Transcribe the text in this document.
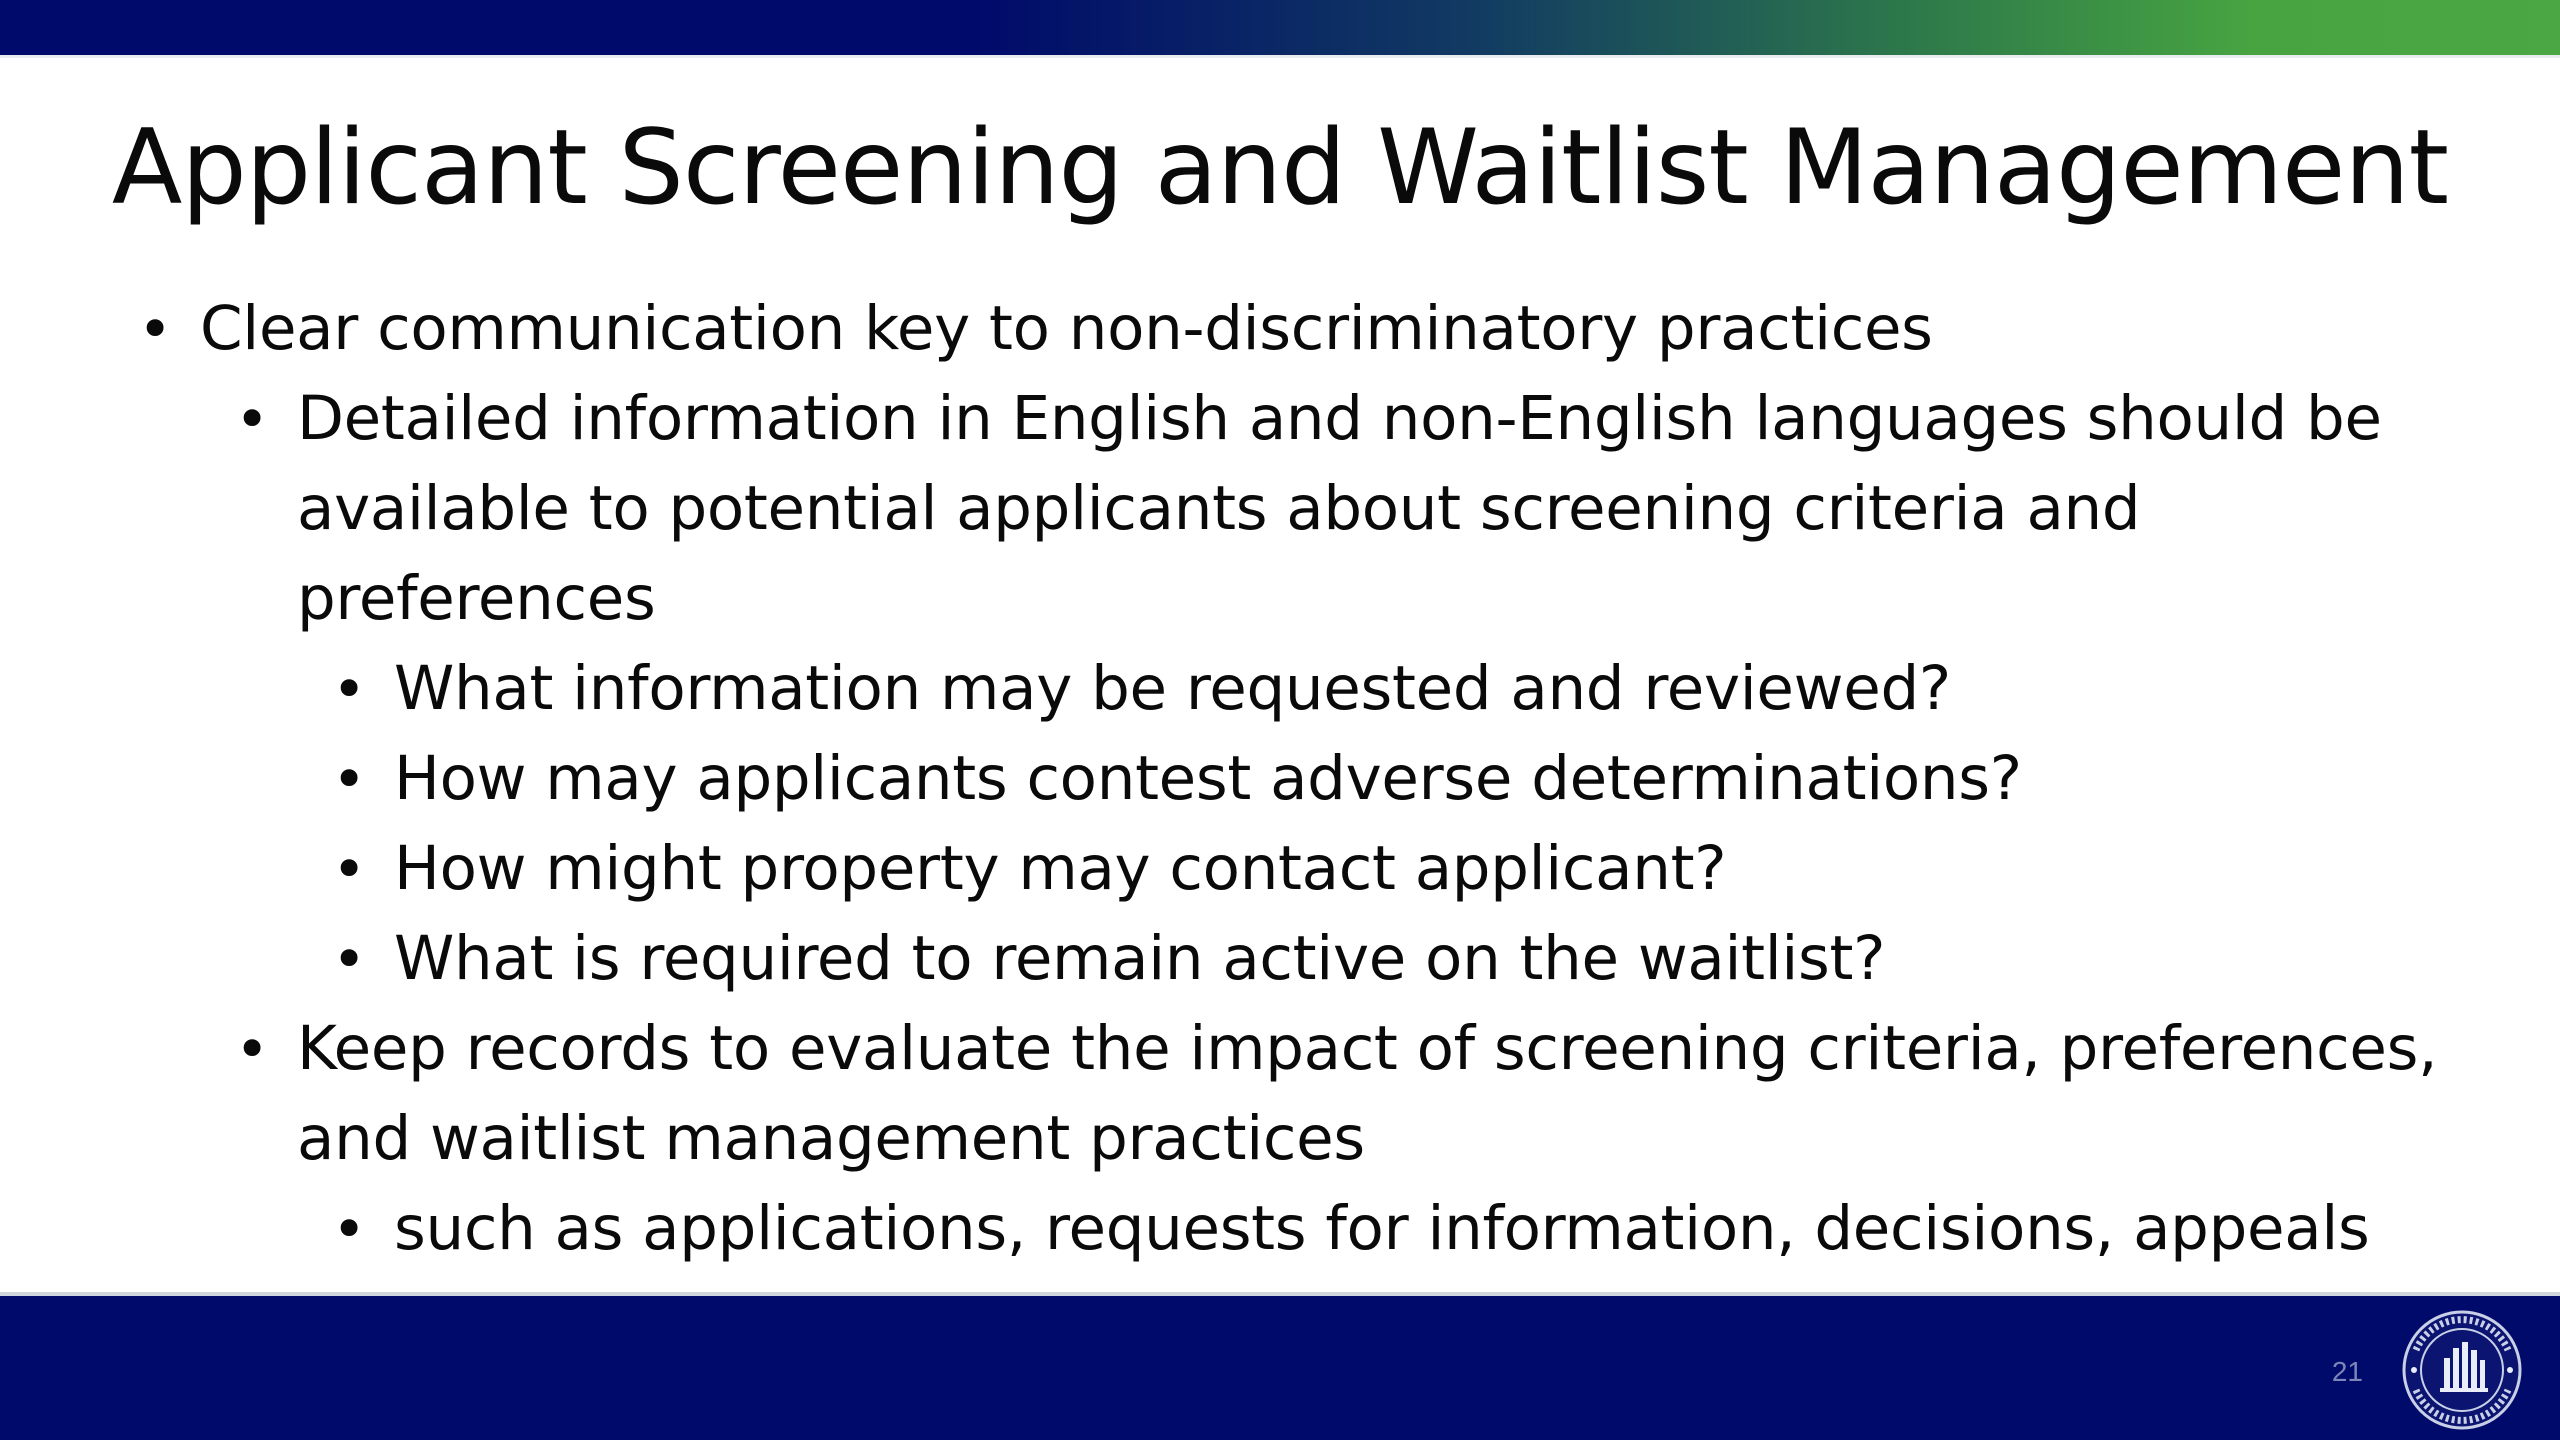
Applicant Screening and Waitlist Management
• Clear communication key to non-discriminatory practices
• Detailed information in English and non-English languages should be
available to potential applicants about screening criteria and
preferences
• What information may be requested and reviewed?
• How may applicants contest adverse determinations?
• How might property may contact applicant?
• What is required to remain active on the waitlist?
• Keep records to evaluate the impact of screening criteria, preferences,
and waitlist management practices
• such as applications, requests for information, decisions, appeals
21
